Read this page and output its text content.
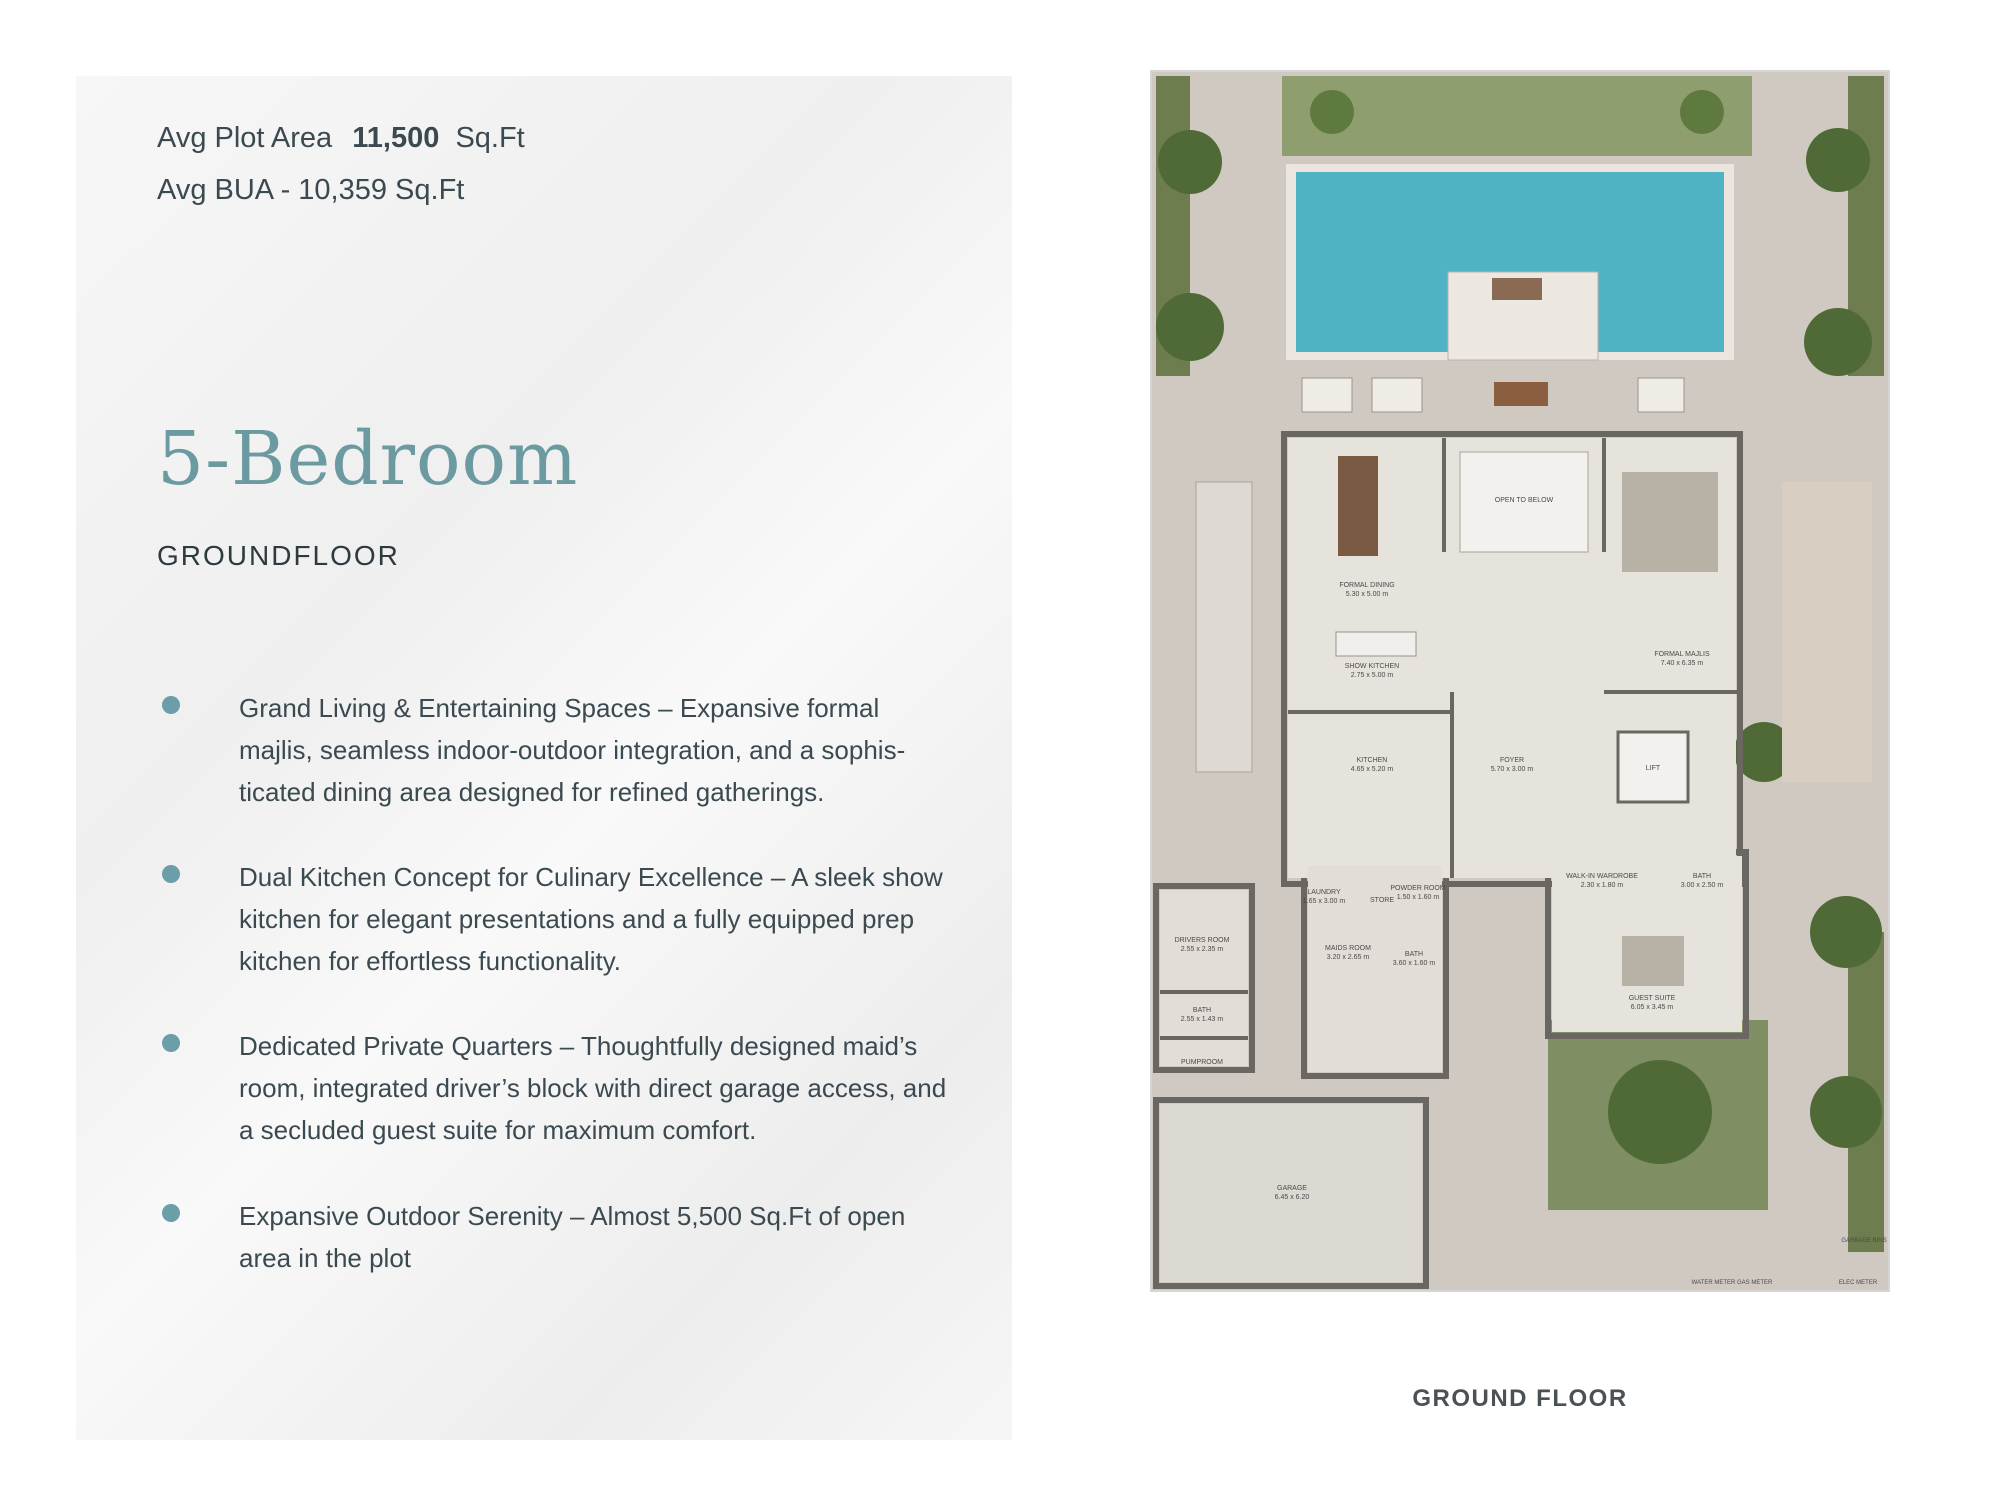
Avg Plot Area 11,500 Sq.Ft
Avg BUA - 10,359 Sq.Ft
5-Bedroom
GROUNDFLOOR
Grand Living & Entertaining Spaces – Expansive formal majlis, seamless indoor-outdoor integration, and a sophis-ticated dining area designed for refined gatherings.
Dual Kitchen Concept for Culinary Excellence – A sleek show kitchen for elegant presentations and a fully equipped prep kitchen for effortless functionality.
Dedicated Private Quarters – Thoughtfully designed maid’s room, integrated driver’s block with direct garage access, and a secluded guest suite for maximum comfort.
Expansive Outdoor Serenity – Almost 5,500 Sq.Ft of open area in the plot
FORMAL DINING
5.30 x 5.00 m
OPEN TO BELOW
FORMAL MAJLIS
7.40 x 6.35 m
SHOW KITCHEN
2.75 x 5.00 m
KITCHEN
4.65 x 5.20 m
FOYER
5.70 x 3.00 m	LIFT
WALK-IN WARDROBE
2.30 x 1.80 m
BATH
3.00 x 2.50 m
GUEST SUITE
6.05 x 3.45 m
LAUNDRY
1.65 x 3.00 m	STORE
POWDER ROOM
1.50 x 1.60 m
MAIDS ROOM
3.20 x 2.65 m	BATH
3.60 x 1.60 m
DRIVERS ROOM
2.55 x 2.35 m
BATH
2.55 x 1.43 m
PUMPROOM
GARAGE
6.45 x 6.20
GARBAGE BINS
WATER METER GAS METER	ELEC METER

GROUND FLOOR
